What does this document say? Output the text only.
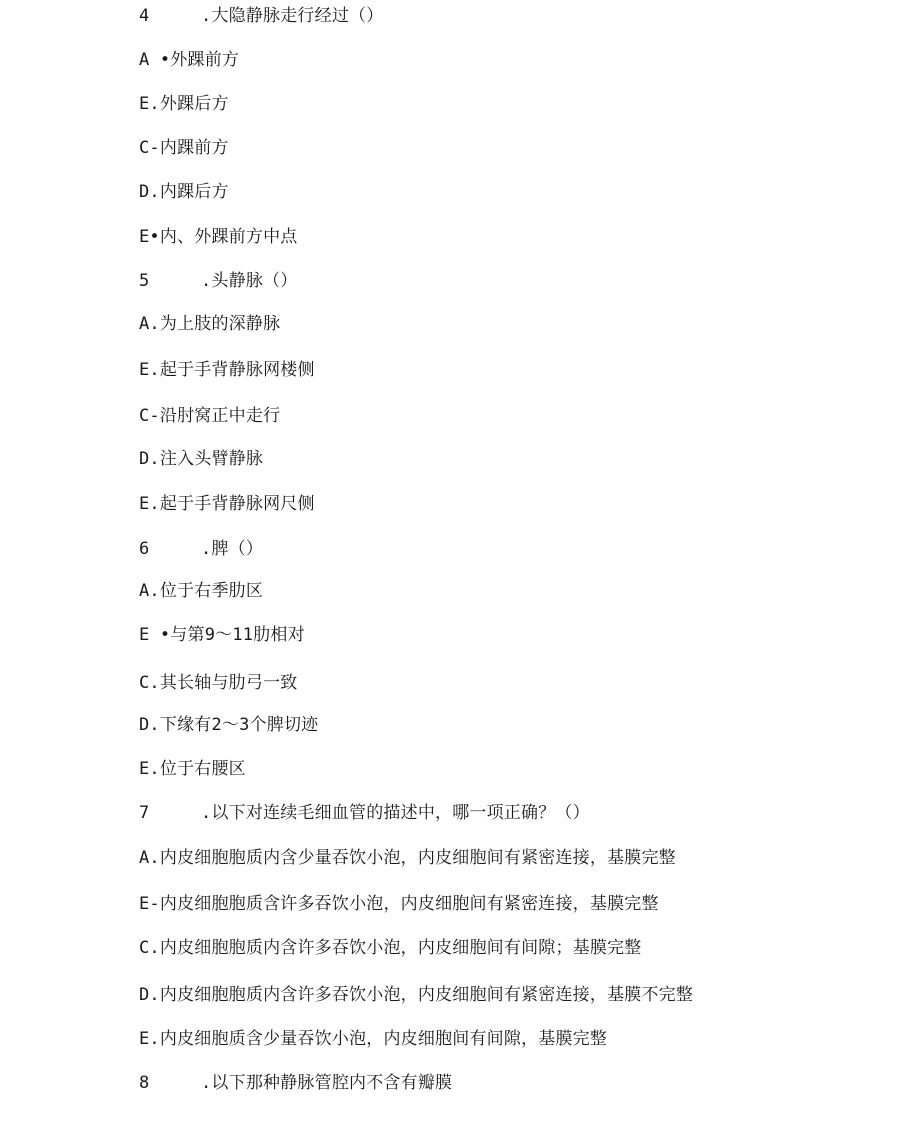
4	.大隐静脉走行经过（）
A •外踝前方
E.外踝后方
C-内踝前方
D.内踝后方
E•内、外踝前方中点
5	.头静脉（）
A.为上肢的深静脉
E.起于手背静脉网楼侧
C-沿肘窝正中走行
D.注入头臂静脉
E.起于手背静脉网尺侧
6	.脾（）
A.位于右季肋区
E •与第9～11肋相对
C.其长轴与肋弓一致
D.下缘有2～3个脾切迹
E.位于右腰区
7	.以下对连续毛细血管的描述中，哪一项正确？（）
A.内皮细胞胞质内含少量吞饮小泡，内皮细胞间有紧密连接，基膜完整
E-内皮细胞胞质含许多吞饮小泡，内皮细胞间有紧密连接，基膜完整
C.内皮细胞胞质内含许多吞饮小泡，内皮细胞间有间隙；基膜完整
D.内皮细胞胞质内含许多吞饮小泡，内皮细胞间有紧密连接，基膜不完整
E.内皮细胞质含少量吞饮小泡，内皮细胞间有间隙，基膜完整
8	.以下那种静脉管腔内不含有瓣膜
